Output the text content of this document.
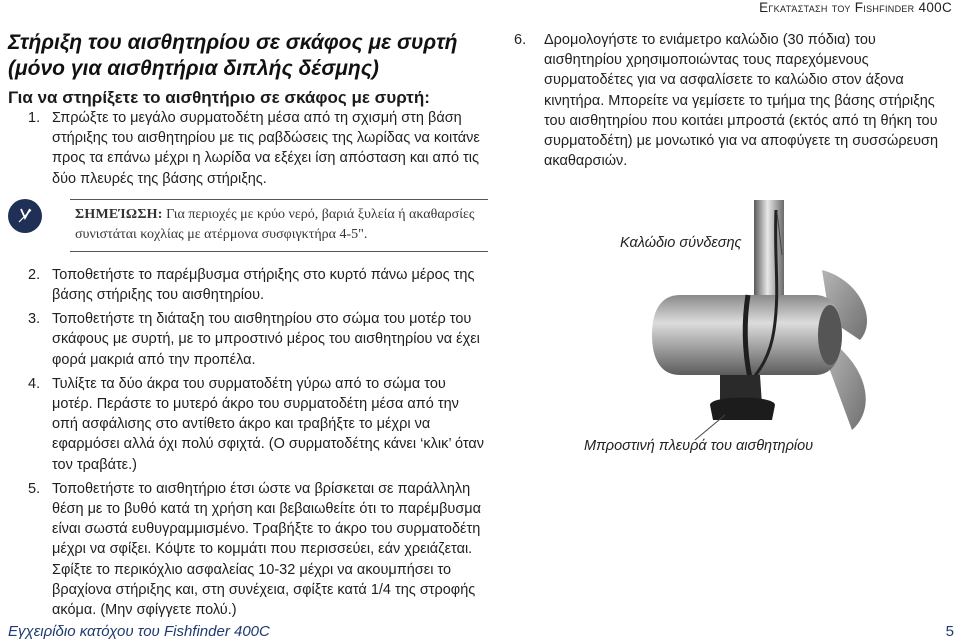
Εγκατάσταση του Fishfinder 400C
Στήριξη του αισθητηρίου σε σκάφος με συρτή
(μόνο για αισθητήρια διπλής δέσμης)
Για να στηρίξετε το αισθητήριο σε σκάφος με συρτή:
1. Σπρώξτε το μεγάλο συρματοδέτη μέσα από τη σχισμή στη βάση στήριξης του αισθητηρίου με τις ραβδώσεις της λωρίδας να κοιτάνε προς τα επάνω μέχρι η λωρίδα να εξέχει ίση απόσταση και από τις δύο πλευρές της βάσης στήριξης.
ΣΗΜΕΊΩΣΗ: Για περιοχές με κρύο νερό, βαριά ξυλεία ή ακαθαρσίες συνιστάται κοχλίας με ατέρμονα συσφιγκτήρα 4-5".
2. Τοποθετήστε το παρέμβυσμα στήριξης στο κυρτό πάνω μέρος της βάσης στήριξης του αισθητηρίου.
3. Τοποθετήστε τη διάταξη του αισθητηρίου στο σώμα του μοτέρ του σκάφους με συρτή, με το μπροστινό μέρος του αισθητηρίου να έχει φορά μακριά από την προπέλα.
4. Τυλίξτε τα δύο άκρα του συρματοδέτη γύρω από το σώμα του μοτέρ. Περάστε το μυτερό άκρο του συρματοδέτη μέσα από την οπή ασφάλισης στο αντίθετο άκρο και τραβήξτε το μέχρι να εφαρμόσει αλλά όχι πολύ σφιχτά. (Ο συρματοδέτης κάνει ‘κλικ’ όταν τον τραβάτε.)
5. Τοποθετήστε το αισθητήριο έτσι ώστε να βρίσκεται σε παράλληλη θέση με το βυθό κατά τη χρήση και βεβαιωθείτε ότι το παρέμβυσμα είναι σωστά ευθυγραμμισμένο. Τραβήξτε το άκρο του συρματοδέτη μέχρι να σφίξει. Κόψτε το κομμάτι που περισσεύει, εάν χρειάζεται. Σφίξτε το περικόχλιο ασφαλείας 10-32 μέχρι να ακουμπήσει το βραχίονα στήριξης και, στη συνέχεια, σφίξτε κατά 1/4 της στροφής ακόμα. (Μην σφίγγετε πολύ.)
6. Δρομολογήστε το ενιάμετρο καλώδιο (30 πόδια) του αισθητηρίου χρησιμοποιώντας τους παρεχόμενους συρματοδέτες για να ασφαλίσετε το καλώδιο στον άξονα κινητήρα. Μπορείτε να γεμίσετε το τμήμα της βάσης στήριξης του αισθητηρίου που κοιτάει μπροστά (εκτός από τη θήκη του συρματοδέτη) με μονωτικό για να αποφύγετε τη συσσώρευση ακαθαρσιών.
Καλώδιο σύνδεσης
Μπροστινή πλευρά του αισθητηρίου
Εγχειρίδιο κατόχου του Fishfinder 400C	5
